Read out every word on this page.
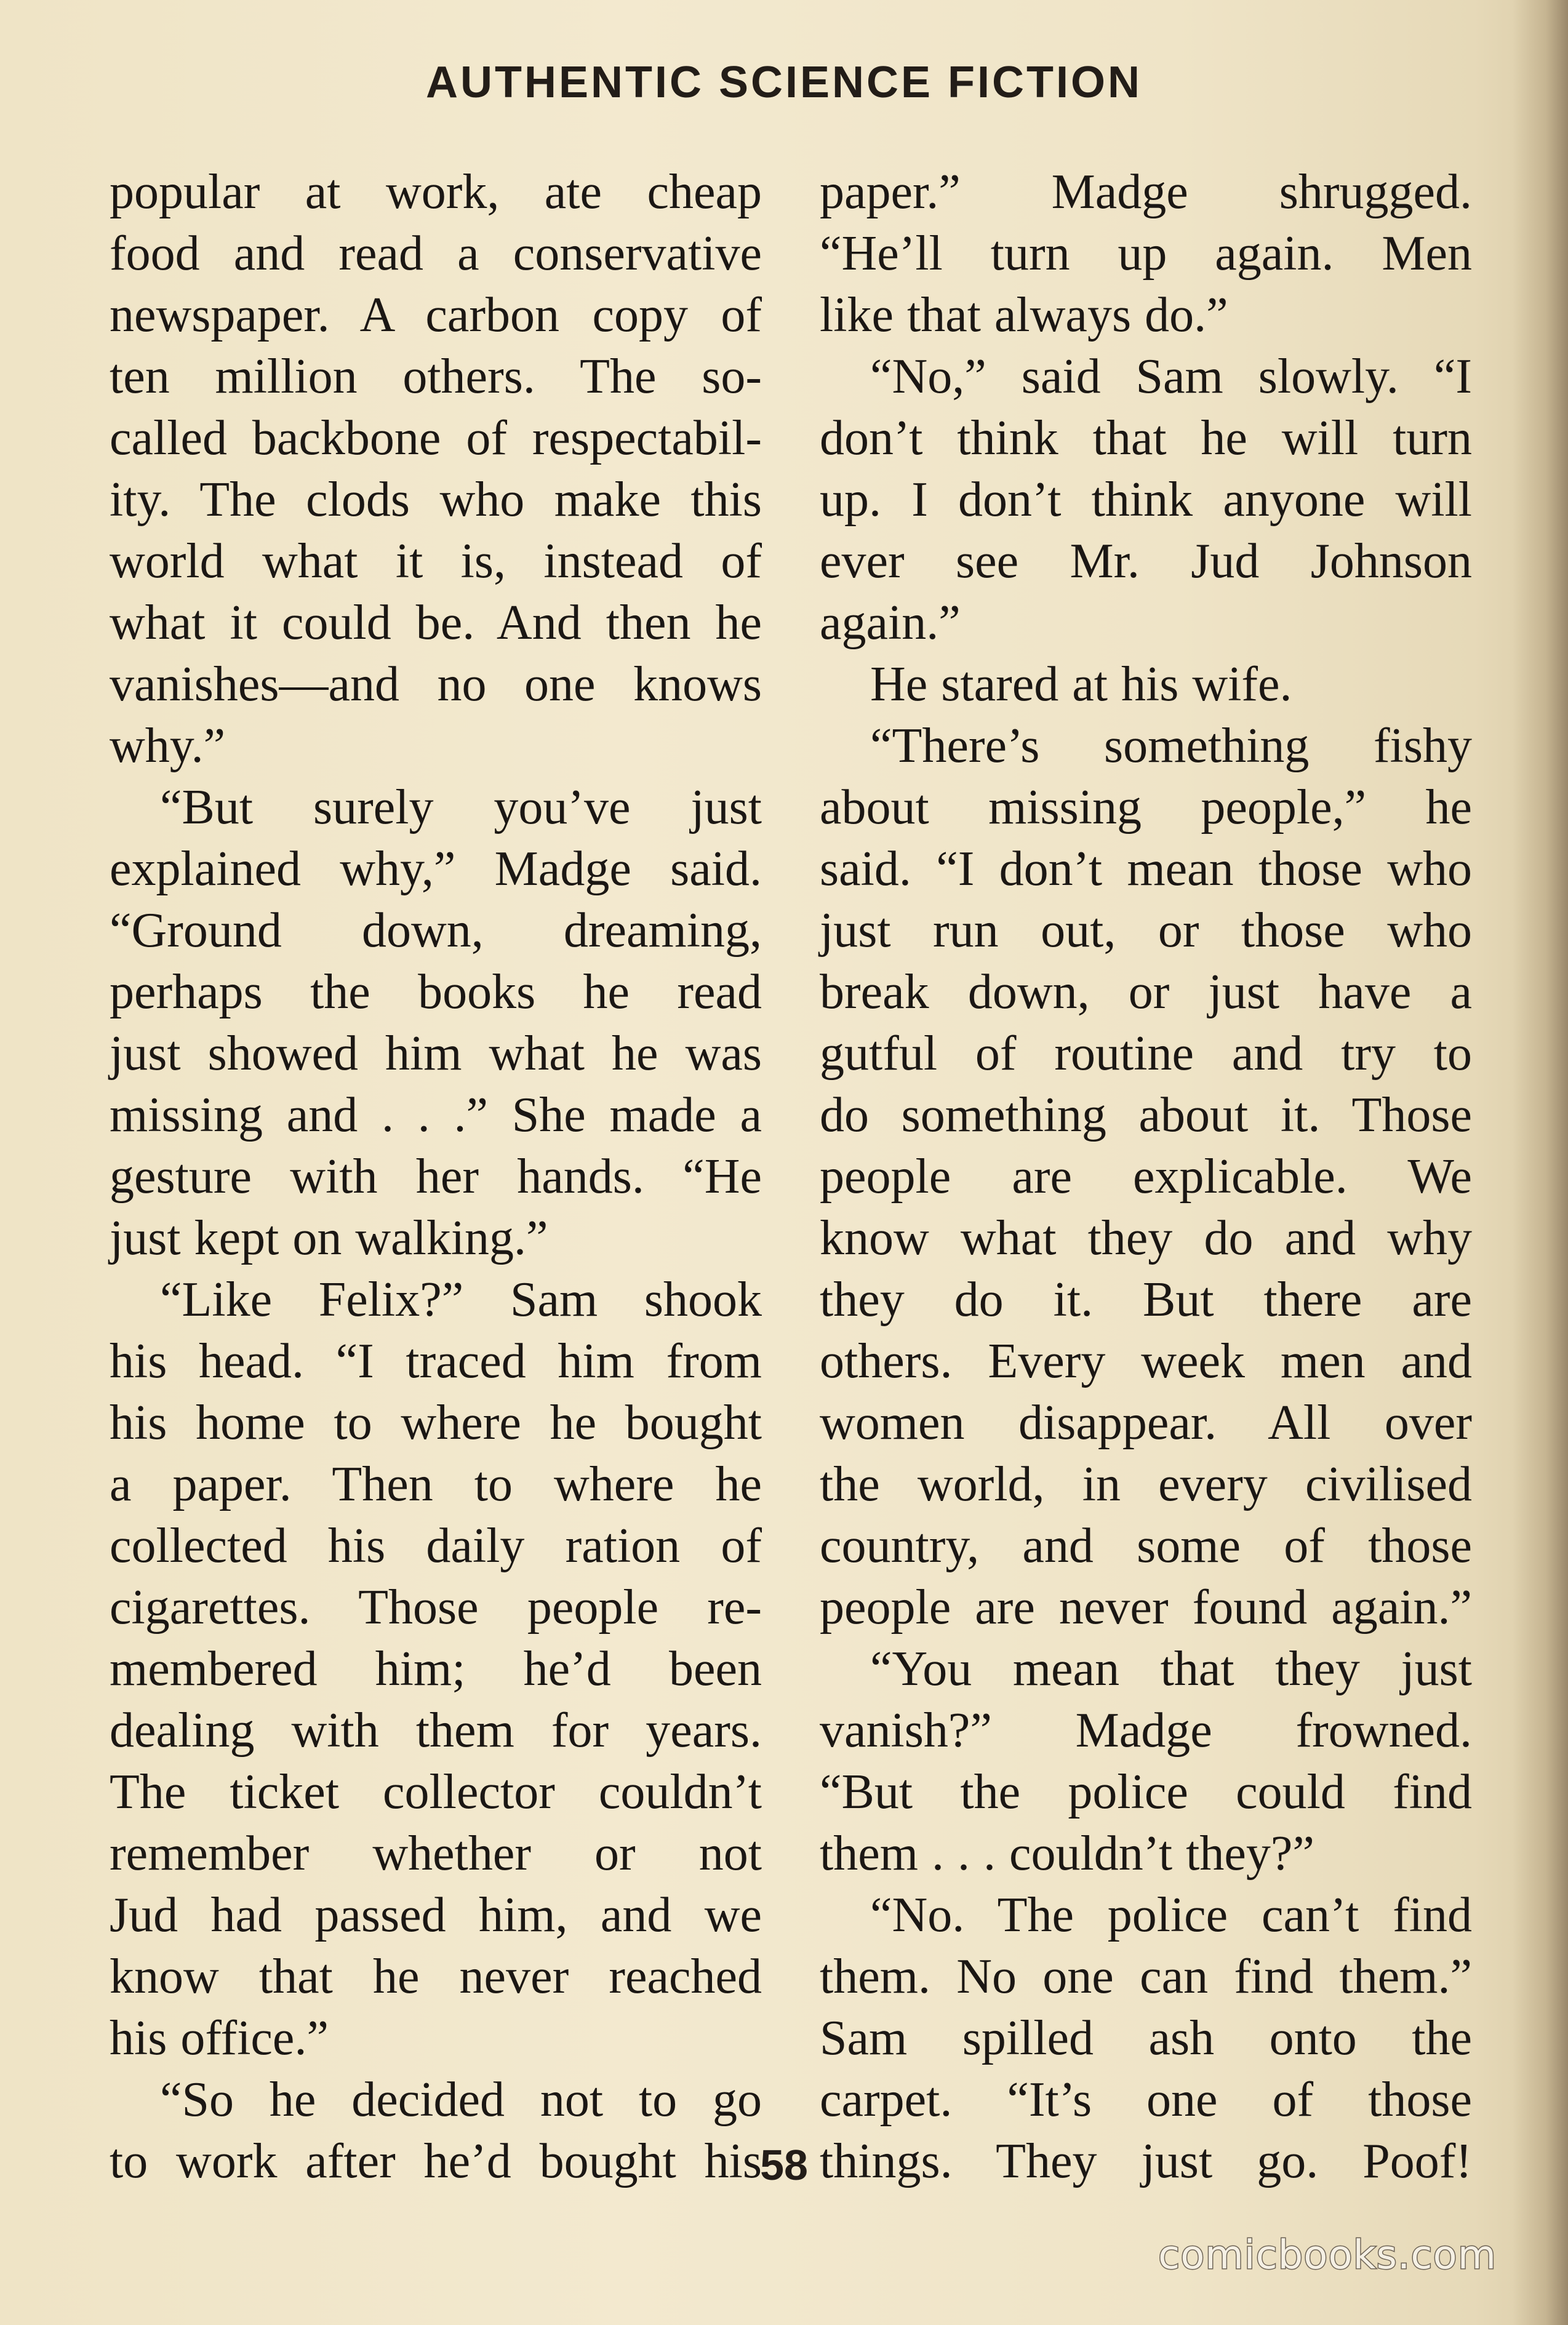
AUTHENTIC SCIENCE FICTION
popular at work, ate cheap
food and read a conservative
newspaper. A carbon copy of
ten million others. The so-
called backbone of respectabil-
ity. The clods who make this
world what it is, instead of
what it could be. And then he
vanishes—and no one knows
why.”
“But surely you’ve just
explained why,” Madge said.
“Ground down, dreaming,
perhaps the books he read
just showed him what he was
missing and . . .” She made a
gesture with her hands. “He
just kept on walking.”
“Like Felix?” Sam shook
his head. “I traced him from
his home to where he bought
a paper. Then to where he
collected his daily ration of
cigarettes. Those people re-
membered him; he’d been
dealing with them for years.
The ticket collector couldn’t
remember whether or not
Jud had passed him, and we
know that he never reached
his office.”
“So he decided not to go
to work after he’d bought his
paper.” Madge shrugged.
“He’ll turn up again. Men
like that always do.”
“No,” said Sam slowly. “I
don’t think that he will turn
up. I don’t think anyone will
ever see Mr. Jud Johnson
again.”
He stared at his wife.
“There’s something fishy
about missing people,” he
said. “I don’t mean those who
just run out, or those who
break down, or just have a
gutful of routine and try to
do something about it. Those
people are explicable. We
know what they do and why
they do it. But there are
others. Every week men and
women disappear. All over
the world, in every civilised
country, and some of those
people are never found again.”
“You mean that they just
vanish?” Madge frowned.
“But the police could find
them . . . couldn’t they?”
“No. The police can’t find
them. No one can find them.”
Sam spilled ash onto the
carpet. “It’s one of those
things. They just go. Poof!
58
comicbooks.com
